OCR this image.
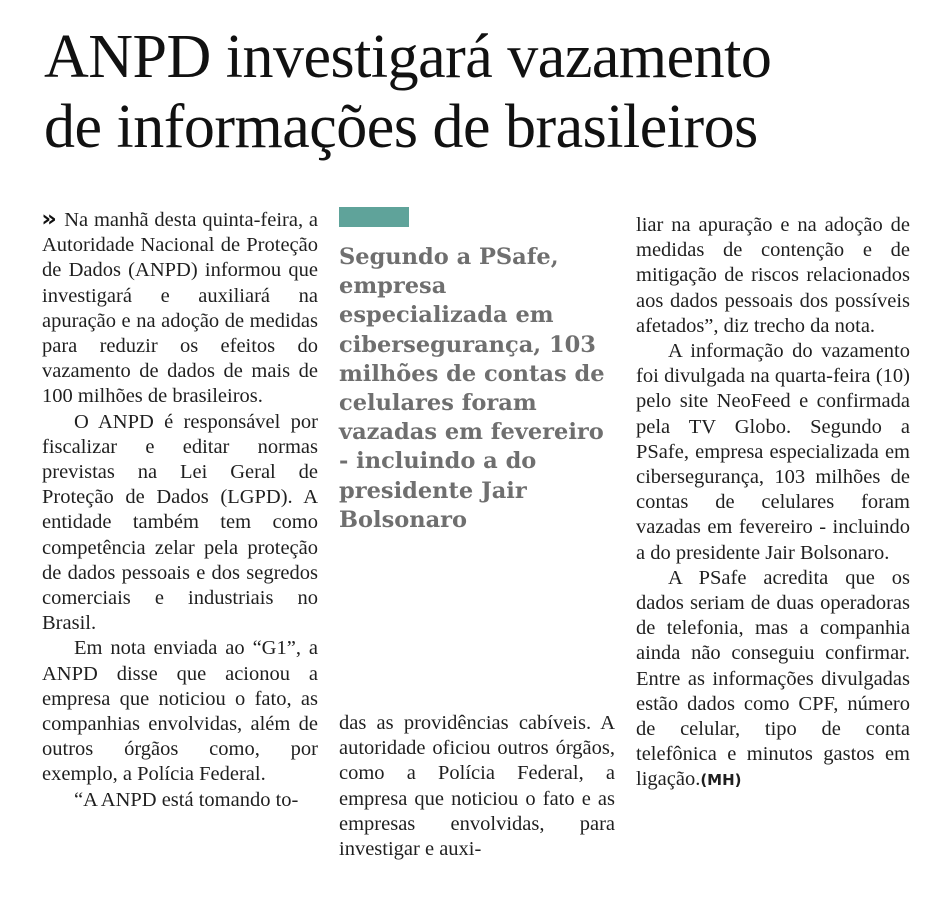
ANPD investigará vazamento
de informações de brasileiros

» Na manhã desta quinta-feira, a Autoridade Nacional de Proteção de Dados (ANPD) informou que investigará e auxiliará na apuração e na adoção de medidas para reduzir os efeitos do vazamento de dados de mais de 100 milhões de brasileiros.

O ANPD é responsável por fiscalizar e editar normas previstas na Lei Geral de Proteção de Dados (LGPD). A entidade também tem como competência zelar pela proteção de dados pessoais e dos segredos comerciais e industriais no Brasil.

Em nota enviada ao “G1”, a ANPD disse que acionou a empresa que noticiou o fato, as companhias envolvidas, além de outros órgãos como, por exemplo, a Polícia Federal.

“A ANPD está tomando to-

Segundo a PSafe, empresa especializada em cibersegurança, 103 milhões de contas de celulares foram vazadas em fevereiro - incluindo a do presidente Jair Bolsonaro

das as providências cabíveis. A autoridade oficiou outros órgãos, como a Polícia Federal, a empresa que noticiou o fato e as empresas envolvidas, para investigar e auxi-

liar na apuração e na adoção de medidas de contenção e de mitigação de riscos relacionados aos dados pessoais dos possíveis afetados”, diz trecho da nota.

A informação do vazamento foi divulgada na quarta-feira (10) pelo site NeoFeed e confirmada pela TV Globo. Segundo a PSafe, empresa especializada em cibersegurança, 103 milhões de contas de celulares foram vazadas em fevereiro - incluindo a do presidente Jair Bolsonaro.

A PSafe acredita que os dados seriam de duas operadoras de telefonia, mas a companhia ainda não conseguiu confirmar. Entre as informações divulgadas estão dados como CPF, número de celular, tipo de conta telefônica e minutos gastos em ligação.(MH)
